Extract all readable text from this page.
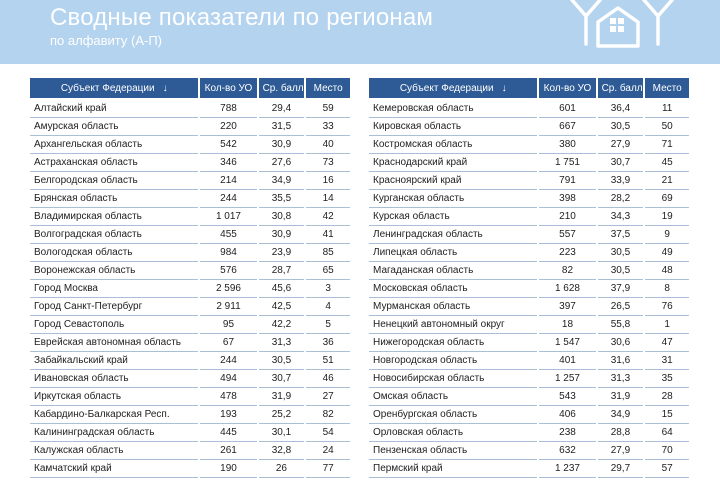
Сводные показатели по регионам
по алфавиту (А-П)
Субъект Федерации ↓	Кол-во УО	Ср. балл	Место
Алтайский край	788	29,4	59
Амурская область	220	31,5	33
Архангельская область	542	30,9	40
Астраханская область	346	27,6	73
Белгородская область	214	34,9	16
Брянская область	244	35,5	14
Владимирская область	1 017	30,8	42
Волгоградская область	455	30,9	41
Вологодская область	984	23,9	85
Воронежская область	576	28,7	65
Город Москва	2 596	45,6	3
Город Санкт-Петербург	2 911	42,5	4
Город Севастополь	95	42,2	5
Еврейская автономная область	67	31,3	36
Забайкальский край	244	30,5	51
Ивановская область	494	30,7	46
Иркутская область	478	31,9	27
Кабардино-Балкарская Респ.	193	25,2	82
Калининградская область	445	30,1	54
Калужская область	261	32,8	24
Камчатский край	190	26	77
Субъект Федерации ↓	Кол-во УО	Ср. балл	Место
Кемеровская область	601	36,4	11
Кировская область	667	30,5	50
Костромская область	380	27,9	71
Краснодарский край	1 751	30,7	45
Красноярский край	791	33,9	21
Курганская область	398	28,2	69
Курская область	210	34,3	19
Ленинградская область	557	37,5	9
Липецкая область	223	30,5	49
Магаданская область	82	30,5	48
Московская область	1 628	37,9	8
Мурманская область	397	26,5	76
Ненецкий автономный округ	18	55,8	1
Нижегородская область	1 547	30,6	47
Новгородская область	401	31,6	31
Новосибирская область	1 257	31,3	35
Омская область	543	31,9	28
Оренбургская область	406	34,9	15
Орловская область	238	28,8	64
Пензенская область	632	27,9	70
Пермский край	1 237	29,7	57
